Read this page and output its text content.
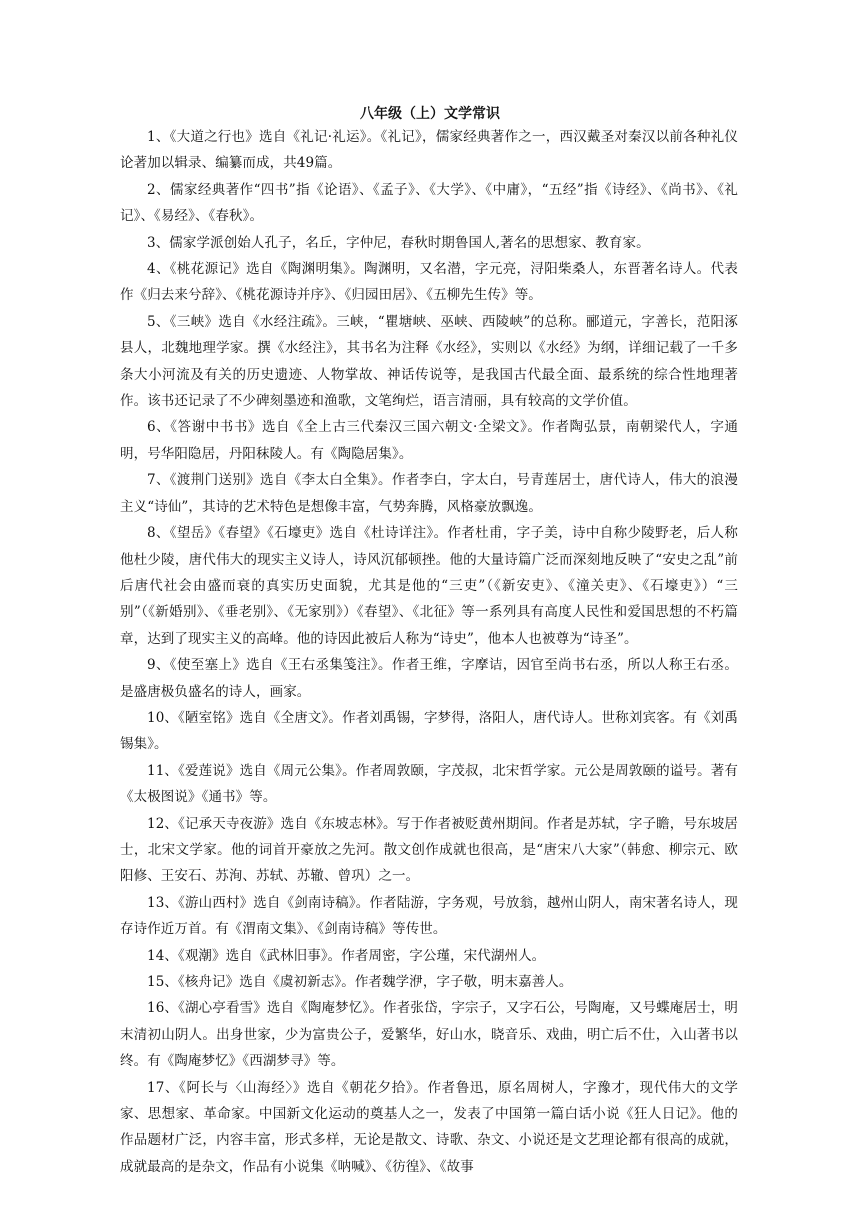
八年级（上）文学常识

1、《大道之行也》选自《礼记·礼运》。《礼记》，儒家经典著作之一，西汉戴圣对秦汉以前各种礼仪论著加以辑录、编纂而成，共49篇。

2、儒家经典著作“四书”指《论语》、《孟子》、《大学》、《中庸》，“五经”指《诗经》、《尚书》、《礼记》、《易经》、《春秋》。

3、儒家学派创始人孔子，名丘，字仲尼，春秋时期鲁国人,著名的思想家、教育家。

4、《桃花源记》选自《陶渊明集》。陶渊明，又名潜，字元亮，浔阳柴桑人，东晋著名诗人。代表作《归去来兮辞》、《桃花源诗并序》、《归园田居》、《五柳先生传》等。

5、《三峡》选自《水经注疏》。三峡，“瞿塘峡、巫峡、西陵峡”的总称。郦道元，字善长，范阳涿县人，北魏地理学家。撰《水经注》，其书名为注释《水经》，实则以《水经》为纲，详细记载了一千多条大小河流及有关的历史遗迹、人物掌故、神话传说等，是我国古代最全面、最系统的综合性地理著作。该书还记录了不少碑刻墨迹和渔歌，文笔绚烂，语言清丽，具有较高的文学价值。

6、《答谢中书书》选自《全上古三代秦汉三国六朝文·全梁文》。作者陶弘景，南朝梁代人，字通明，号华阳隐居，丹阳秣陵人。有《陶隐居集》。

7、《渡荆门送别》选自《李太白全集》。作者李白，字太白，号青莲居士，唐代诗人，伟大的浪漫主义“诗仙”，其诗的艺术特色是想像丰富，气势奔腾，风格豪放飘逸。

8、《望岳》《春望》《石壕吏》选自《杜诗详注》。作者杜甫，字子美，诗中自称少陵野老，后人称他杜少陵，唐代伟大的现实主义诗人，诗风沉郁顿挫。他的大量诗篇广泛而深刻地反映了“安史之乱”前后唐代社会由盛而衰的真实历史面貌，尤其是他的“三吏”（《新安吏》、《潼关吏》、《石壕吏》）“三别”（《新婚别》、《垂老别》、《无家别》）《春望》、《北征》等一系列具有高度人民性和爱国思想的不朽篇章，达到了现实主义的高峰。他的诗因此被后人称为“诗史”，他本人也被尊为“诗圣”。

9、《使至塞上》选自《王右丞集笺注》。作者王维，字摩诘，因官至尚书右丞，所以人称王右丞。是盛唐极负盛名的诗人，画家。

10、《陋室铭》选自《全唐文》。作者刘禹锡，字梦得，洛阳人，唐代诗人。世称刘宾客。有《刘禹锡集》。

11、《爱莲说》选自《周元公集》。作者周敦颐，字茂叔，北宋哲学家。元公是周敦颐的谥号。著有《太极图说》《通书》等。

12、《记承天寺夜游》选自《东坡志林》。写于作者被贬黄州期间。作者是苏轼，字子瞻，号东坡居士，北宋文学家。他的词首开豪放之先河。散文创作成就也很高，是“唐宋八大家”（韩愈、柳宗元、欧阳修、王安石、苏洵、苏轼、苏辙、曾巩）之一。

13、《游山西村》选自《剑南诗稿》。作者陆游，字务观，号放翁，越州山阴人，南宋著名诗人，现存诗作近万首。有《渭南文集》、《剑南诗稿》等传世。

14、《观潮》选自《武林旧事》。作者周密，字公瑾，宋代湖州人。

15、《核舟记》选自《虞初新志》。作者魏学洢，字子敬，明末嘉善人。

16、《湖心亭看雪》选自《陶庵梦忆》。作者张岱，字宗子，又字石公，号陶庵，又号蝶庵居士，明末清初山阴人。出身世家，少为富贵公子，爱繁华，好山水，晓音乐、戏曲，明亡后不仕，入山著书以终。有《陶庵梦忆》《西湖梦寻》等。

17、《阿长与〈山海经〉》选自《朝花夕拾》。作者鲁迅，原名周树人，字豫才，现代伟大的文学家、思想家、革命家。中国新文化运动的奠基人之一，发表了中国第一篇白话小说《狂人日记》。他的作品题材广泛，内容丰富，形式多样，无论是散文、诗歌、杂文、小说还是文艺理论都有很高的成就，成就最高的是杂文，作品有小说集《呐喊》、《彷徨》、《故事
